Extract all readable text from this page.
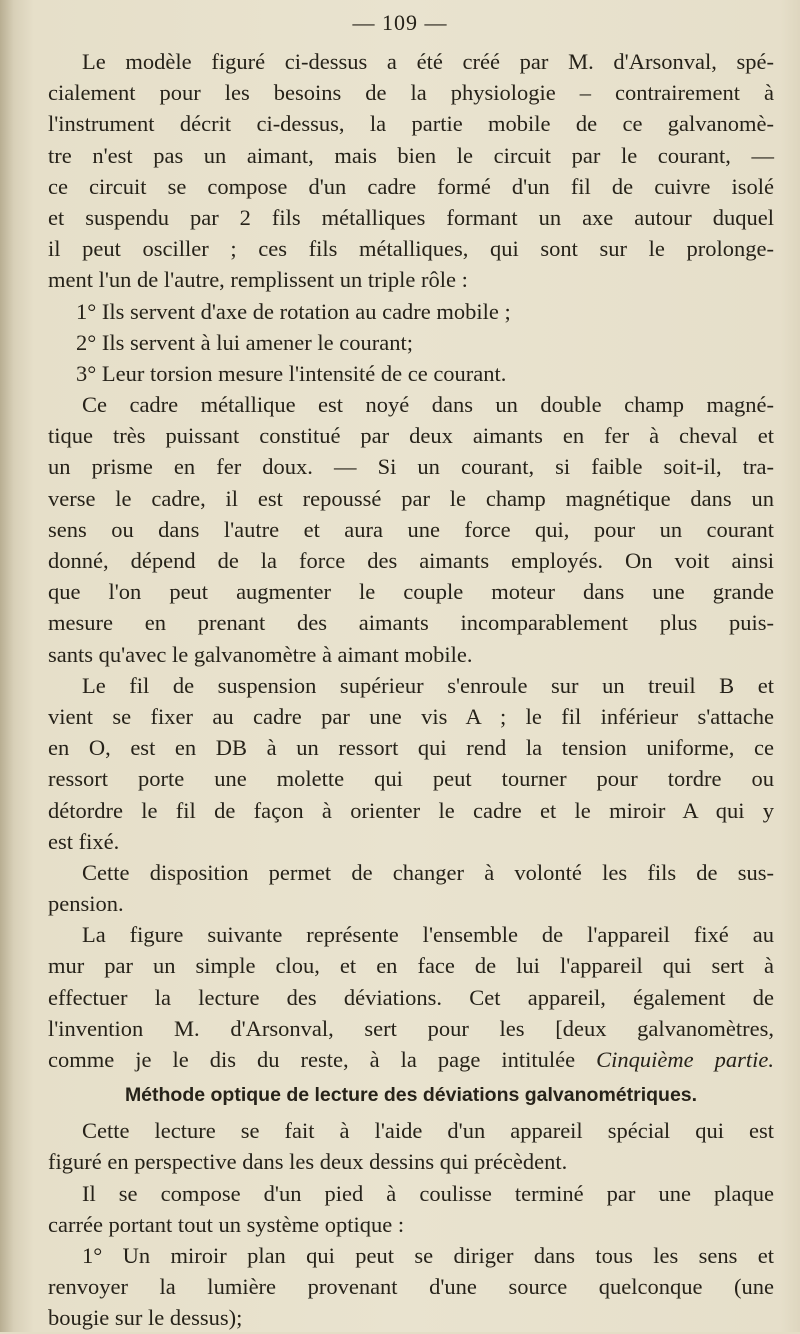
— 109 —
Le modèle figuré ci-dessus a été créé par M. d'Arsonval, spé-
cialement pour les besoins de la physiologie – contrairement à
l'instrument décrit ci-dessus, la partie mobile de ce galvanomè-
tre n'est pas un aimant, mais bien le circuit par le courant, —
ce circuit se compose d'un cadre formé d'un fil de cuivre isolé
et suspendu par 2 fils métalliques formant un axe autour duquel
il peut osciller ; ces fils métalliques, qui sont sur le prolonge-
ment l'un de l'autre, remplissent un triple rôle :
1° Ils servent d'axe de rotation au cadre mobile ;
2° Ils servent à lui amener le courant;
3° Leur torsion mesure l'intensité de ce courant.
Ce cadre métallique est noyé dans un double champ magné-
tique très puissant constitué par deux aimants en fer à cheval et
un prisme en fer doux. — Si un courant, si faible soit-il, tra-
verse le cadre, il est repoussé par le champ magnétique dans un
sens ou dans l'autre et aura une force qui, pour un courant
donné, dépend de la force des aimants employés. On voit ainsi
que l'on peut augmenter le couple moteur dans une grande
mesure en prenant des aimants incomparablement plus puis-
sants qu'avec le galvanomètre à aimant mobile.
Le fil de suspension supérieur s'enroule sur un treuil B et
vient se fixer au cadre par une vis A ; le fil inférieur s'attache
en O, est en DB à un ressort qui rend la tension uniforme, ce
ressort porte une molette qui peut tourner pour tordre ou
détordre le fil de façon à orienter le cadre et le miroir A qui y
est fixé.
Cette disposition permet de changer à volonté les fils de sus-
pension.
La figure suivante représente l'ensemble de l'appareil fixé au
mur par un simple clou, et en face de lui l'appareil qui sert à
effectuer la lecture des déviations. Cet appareil, également de
l'invention M. d'Arsonval, sert pour les [deux galvanomètres,
comme je le dis du reste, à la page intitulée Cinquième partie.
Méthode optique de lecture des déviations galvanométriques.
Cette lecture se fait à l'aide d'un appareil spécial qui est
figuré en perspective dans les deux dessins qui précèdent.
Il se compose d'un pied à coulisse terminé par une plaque
carrée portant tout un système optique :
1° Un miroir plan qui peut se diriger dans tous les sens et
renvoyer la lumière provenant d'une source quelconque (une
bougie sur le dessus);
